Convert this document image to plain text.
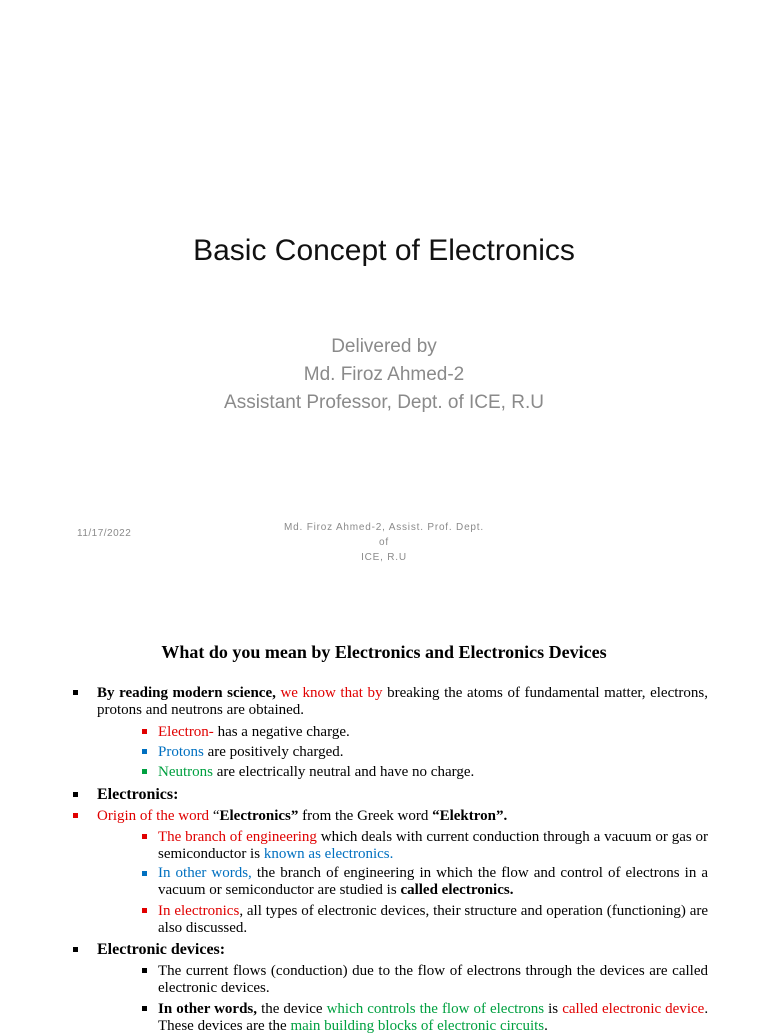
Basic Concept of Electronics
Delivered by
Md. Firoz Ahmed-2
Assistant Professor, Dept. of ICE, R.U
11/17/2022
Md. Firoz Ahmed-2, Assist. Prof. Dept. of
ICE, R.U
What do you mean by Electronics and Electronics Devices
By reading modern science, we know that by breaking the atoms of fundamental matter, electrons, protons and neutrons are obtained.
Electron- has a negative charge.
Protons are positively charged.
Neutrons are electrically neutral and have no charge.
Electronics:
Origin of the word “Electronics” from the Greek word “Elektron”.
The branch of engineering which deals with current conduction through a vacuum or gas or semiconductor is known as electronics.
In other words, the branch of engineering in which the flow and control of electrons in a vacuum or semiconductor are studied is called electronics.
In electronics, all types of electronic devices, their structure and operation (functioning) are also discussed.
Electronic devices:
The current flows (conduction) due to the flow of electrons through the devices are called electronic devices.
In other words, the device which controls the flow of electrons is called electronic device. These devices are the main building blocks of electronic circuits.
